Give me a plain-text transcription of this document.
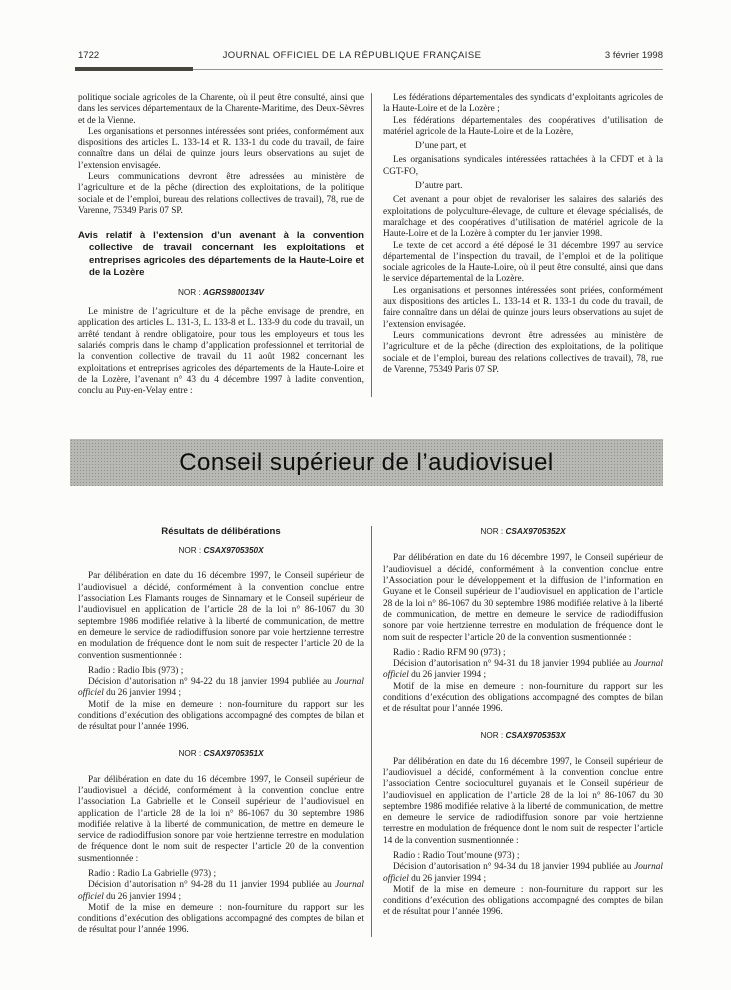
1722	JOURNAL OFFICIEL DE LA RÉPUBLIQUE FRANÇAISE	3 février 1998

politique sociale agricoles de la Charente, où il peut être consulté, ainsi que dans les services départementaux de la Charente-Maritime, des Deux-Sèvres et de la Vienne.

Les organisations et personnes intéressées sont priées, conformément aux dispositions des articles L. 133-14 et R. 133-1 du code du travail, de faire connaître dans un délai de quinze jours leurs observations au sujet de l’extension envisagée.

Leurs communications devront être adressées au ministère de l’agriculture et de la pêche (direction des exploitations, de la politique sociale et de l’emploi, bureau des relations collectives de travail), 78, rue de Varenne, 75349 Paris 07 SP.

Avis relatif à l’extension d’un avenant à la convention collective de travail concernant les exploitations et entreprises agricoles des départements de la Haute-Loire et de la Lozère
NOR : AGRS9800134V

Le ministre de l’agriculture et de la pêche envisage de prendre, en application des articles L. 131-3, L. 133-8 et L. 133-9 du code du travail, un arrêté tendant à rendre obligatoire, pour tous les employeurs et tous les salariés compris dans le champ d’application professionnel et territorial de la convention collective de travail du 11 août 1982 concernant les exploitations et entreprises agricoles des départements de la Haute-Loire et de la Lozère, l’avenant n° 43 du 4 décembre 1997 à ladite convention, conclu au Puy-en-Velay entre :

Les fédérations départementales des syndicats d’exploitants agricoles de la Haute-Loire et de la Lozère ;

Les fédérations départementales des coopératives d’utilisation de matériel agricole de la Haute-Loire et de la Lozère,

D’une part, et

Les organisations syndicales intéressées rattachées à la CFDT et à la CGT-FO,

D’autre part.

Cet avenant a pour objet de revaloriser les salaires des salariés des exploitations de polyculture-élevage, de culture et élevage spécialisés, de maraîchage et des coopératives d’utilisation de matériel agricole de la Haute-Loire et de la Lozère à compter du 1er janvier 1998.

Le texte de cet accord a été déposé le 31 décembre 1997 au service départemental de l’inspection du travail, de l’emploi et de la politique sociale agricoles de la Haute-Loire, où il peut être consulté, ainsi que dans le service départemental de la Lozère.

Les organisations et personnes intéressées sont priées, conformément aux dispositions des articles L. 133-14 et R. 133-1 du code du travail, de faire connaître dans un délai de quinze jours leurs observations au sujet de l’extension envisagée.

Leurs communications devront être adressées au ministère de l’agriculture et de la pêche (direction des exploitations, de la politique sociale et de l’emploi, bureau des relations collectives de travail), 78, rue de Varenne, 75349 Paris 07 SP.

Conseil supérieur de l’audiovisuel
Résultats de délibérations
NOR : CSAX9705350X

Par délibération en date du 16 décembre 1997, le Conseil supérieur de l’audiovisuel a décidé, conformément à la convention conclue entre l’association Les Flamants rouges de Sinnamary et le Conseil supérieur de l’audiovisuel en application de l’article 28 de la loi n° 86-1067 du 30 septembre 1986 modifiée relative à la liberté de communication, de mettre en demeure le service de radiodiffusion sonore par voie hertzienne terrestre en modulation de fréquence dont le nom suit de respecter l’article 20 de la convention susmentionnée :

Radio : Radio Ibis (973) ;

Décision d’autorisation n° 94-22 du 18 janvier 1994 publiée au Journal officiel du 26 janvier 1994 ;

Motif de la mise en demeure : non-fourniture du rapport sur les conditions d’exécution des obligations accompagné des comptes de bilan et de résultat pour l’année 1996.

NOR : CSAX9705351X

Par délibération en date du 16 décembre 1997, le Conseil supérieur de l’audiovisuel a décidé, conformément à la convention conclue entre l’association La Gabrielle et le Conseil supérieur de l’audiovisuel en application de l’article 28 de la loi n° 86-1067 du 30 septembre 1986 modifiée relative à la liberté de communication, de mettre en demeure le service de radiodiffusion sonore par voie hertzienne terrestre en modulation de fréquence dont le nom suit de respecter l’article 20 de la convention susmentionnée :

Radio : Radio La Gabrielle (973) ;

Décision d’autorisation n° 94-28 du 11 janvier 1994 publiée au Journal officiel du 26 janvier 1994 ;

Motif de la mise en demeure : non-fourniture du rapport sur les conditions d’exécution des obligations accompagné des comptes de bilan et de résultat pour l’année 1996.

NOR : CSAX9705352X

Par délibération en date du 16 décembre 1997, le Conseil supérieur de l’audiovisuel a décidé, conformément à la convention conclue entre l’Association pour le développement et la diffusion de l’information en Guyane et le Conseil supérieur de l’audiovisuel en application de l’article 28 de la loi n° 86-1067 du 30 septembre 1986 modifiée relative à la liberté de communication, de mettre en demeure le service de radiodiffusion sonore par voie hertzienne terrestre en modulation de fréquence dont le nom suit de respecter l’article 20 de la convention susmentionnée :

Radio : Radio RFM 90 (973) ;

Décision d’autorisation n° 94-31 du 18 janvier 1994 publiée au Journal officiel du 26 janvier 1994 ;

Motif de la mise en demeure : non-fourniture du rapport sur les conditions d’exécution des obligations accompagné des comptes de bilan et de résultat pour l’année 1996.

NOR : CSAX9705353X

Par délibération en date du 16 décembre 1997, le Conseil supérieur de l’audiovisuel a décidé, conformément à la convention conclue entre l’association Centre socioculturel guyanais et le Conseil supérieur de l’audiovisuel en application de l’article 28 de la loi n° 86-1067 du 30 septembre 1986 modifiée relative à la liberté de communication, de mettre en demeure le service de radiodiffusion sonore par voie hertzienne terrestre en modulation de fréquence dont le nom suit de respecter l’article 14 de la convention susmentionnée :

Radio : Radio Tout’moune (973) ;

Décision d’autorisation n° 94-34 du 18 janvier 1994 publiée au Journal officiel du 26 janvier 1994 ;

Motif de la mise en demeure : non-fourniture du rapport sur les conditions d’exécution des obligations accompagné des comptes de bilan et de résultat pour l’année 1996.
